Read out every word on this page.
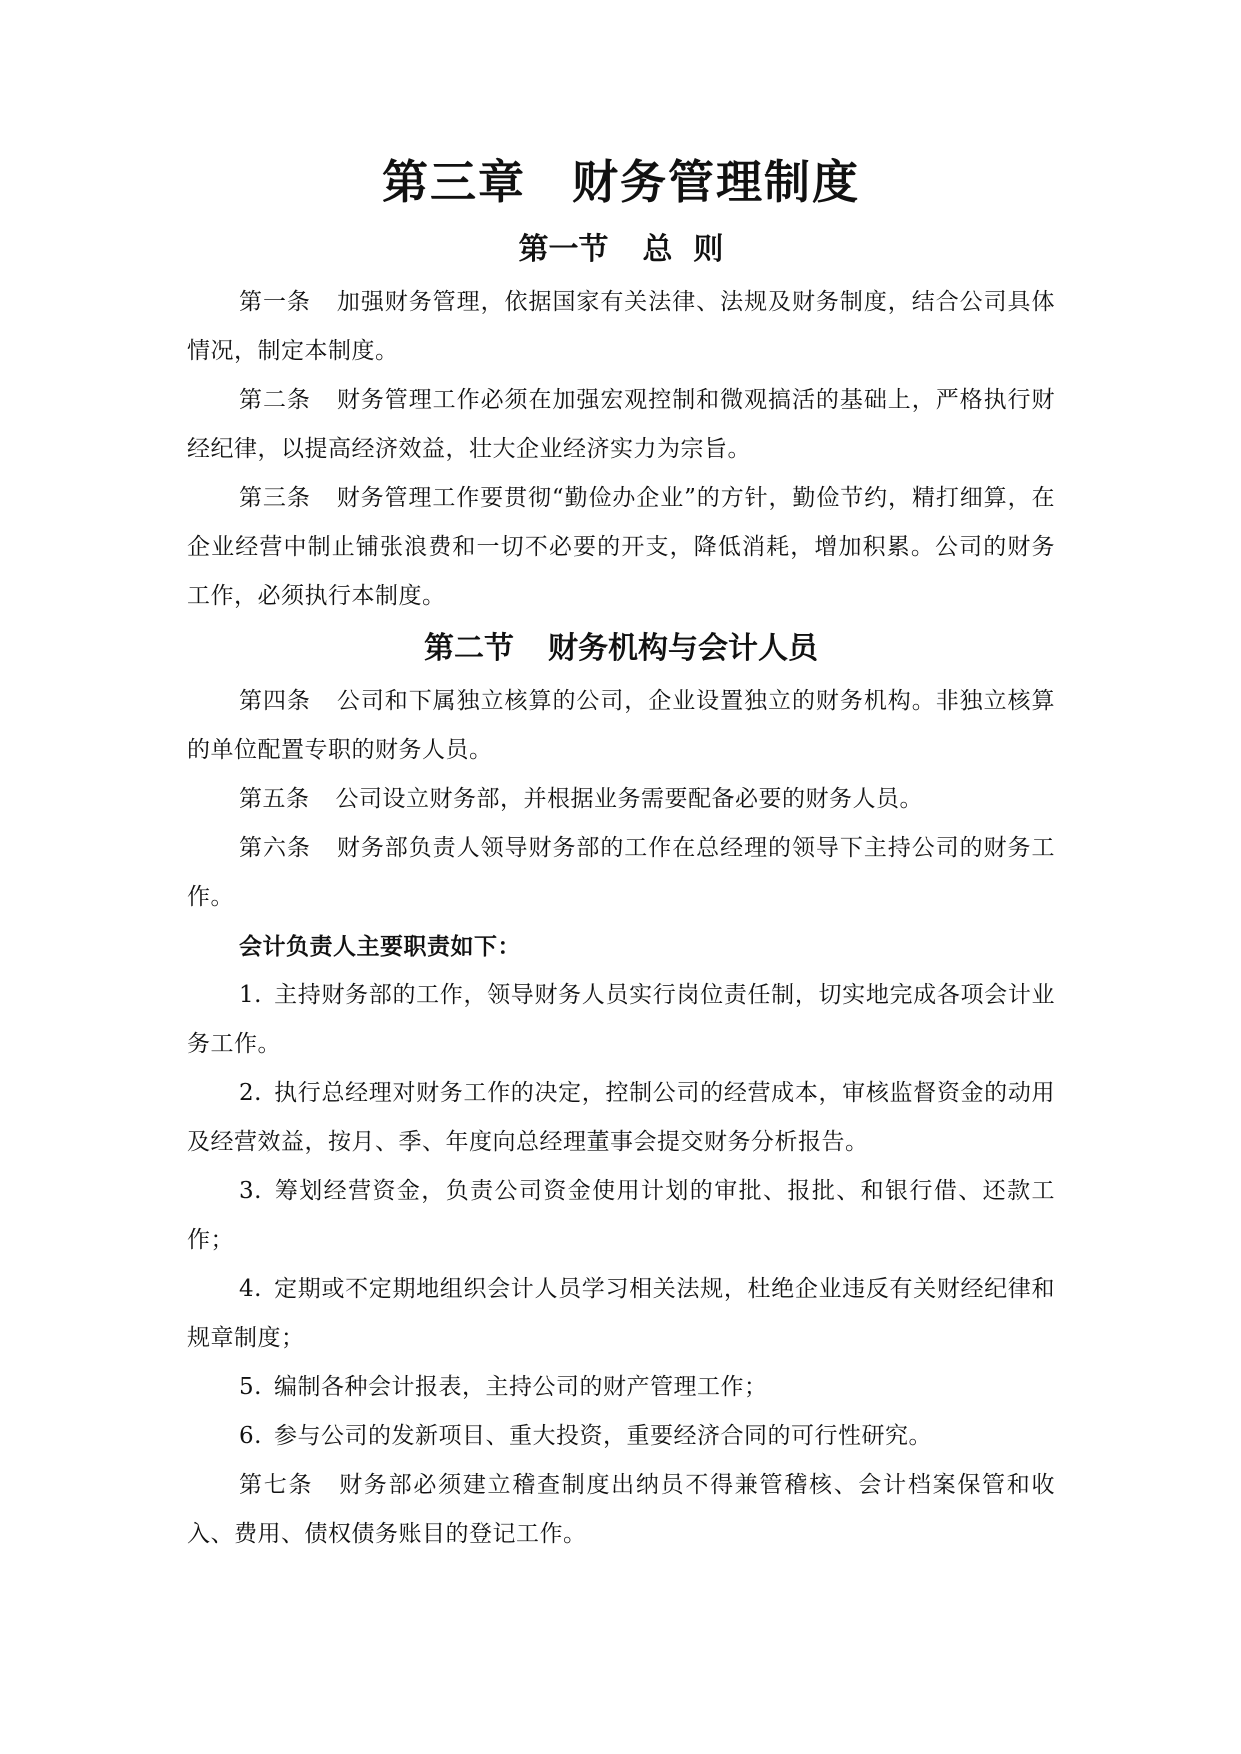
第三章 财务管理制度
第一节 总  则

第一条 加强财务管理，依据国家有关法律、法规及财务制度，结合公司具体情况，制定本制度。

第二条 财务管理工作必须在加强宏观控制和微观搞活的基础上，严格执行财经纪律，以提高经济效益，壮大企业经济实力为宗旨。

第三条 财务管理工作要贯彻“勤俭办企业”的方针，勤俭节约，精打细算，在企业经营中制止铺张浪费和一切不必要的开支，降低消耗，增加积累。公司的财务工作，必须执行本制度。

第二节 财务机构与会计人员

第四条 公司和下属独立核算的公司，企业设置独立的财务机构。非独立核算的单位配置专职的财务人员。

第五条 公司设立财务部，并根据业务需要配备必要的财务人员。

第六条 财务部负责人领导财务部的工作在总经理的领导下主持公司的财务工作。

会计负责人主要职责如下：

1. 主持财务部的工作，领导财务人员实行岗位责任制，切实地完成各项会计业务工作。

2. 执行总经理对财务工作的决定，控制公司的经营成本，审核监督资金的动用及经营效益，按月、季、年度向总经理董事会提交财务分析报告。

3. 筹划经营资金，负责公司资金使用计划的审批、报批、和银行借、还款工作；

4. 定期或不定期地组织会计人员学习相关法规，杜绝企业违反有关财经纪律和规章制度；

5. 编制各种会计报表，主持公司的财产管理工作；

6. 参与公司的发新项目、重大投资，重要经济合同的可行性研究。

第七条 财务部必须建立稽查制度出纳员不得兼管稽核、会计档案保管和收入、费用、债权债务账目的登记工作。
